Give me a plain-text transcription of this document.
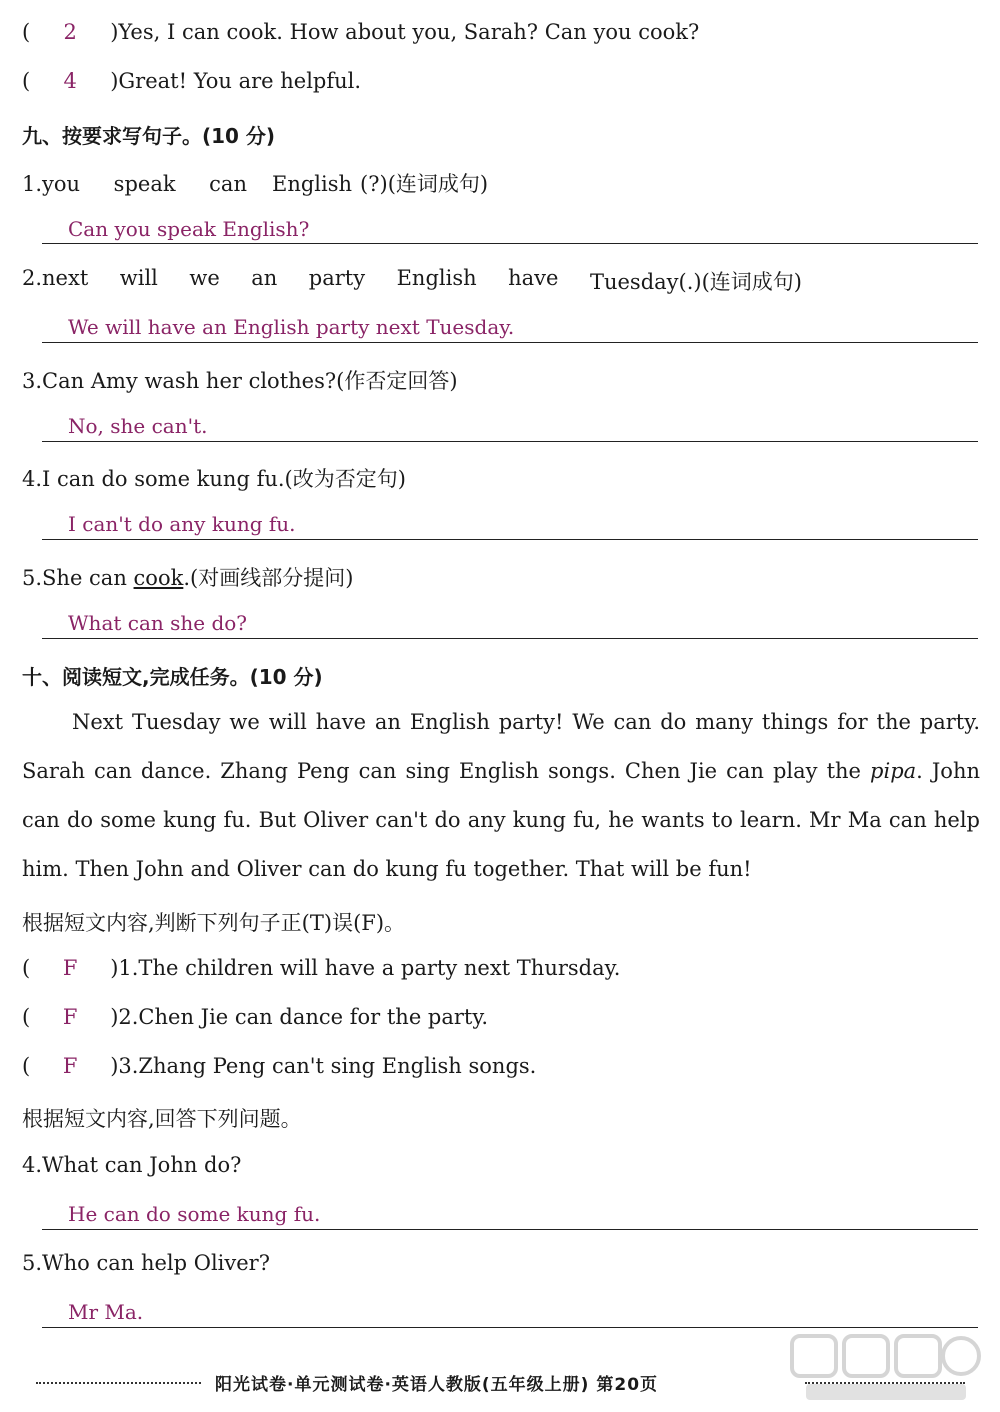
( 2 )Yes, I can cook. How about you, Sarah? Can you cook?
( 4 )Great! You are helpful.
九、按要求写句子。(10 分)
1.you speak can English (?)(连词成句)
Can you speak English?
2.next will we an party English have Tuesday(.)(连词成句)
We will have an English party next Tuesday.
3.Can Amy wash her clothes?(作否定回答)
No, she can't.
4.I can do some kung fu.(改为否定句)
I can't do any kung fu.
5.She can cook.(对画线部分提问)
What can she do?
十、阅读短文,完成任务。(10 分)
Next Tuesday we will have an English party! We can do many things for the party. Sarah can dance. Zhang Peng can sing English songs. Chen Jie can play the pipa. John can do some kung fu. But Oliver can't do any kung fu, he wants to learn. Mr Ma can help him. Then John and Oliver can do kung fu together. That will be fun!
根据短文内容,判断下列句子正(T)误(F)。
( F )1.The children will have a party next Thursday.
( F )2.Chen Jie can dance for the party.
( F )3.Zhang Peng can't sing English songs.
根据短文内容,回答下列问题。
4.What can John do?
He can do some kung fu.
5.Who can help Oliver?
Mr Ma.
阳光试卷·单元测试卷·英语人教版(五年级上册) 第20页
